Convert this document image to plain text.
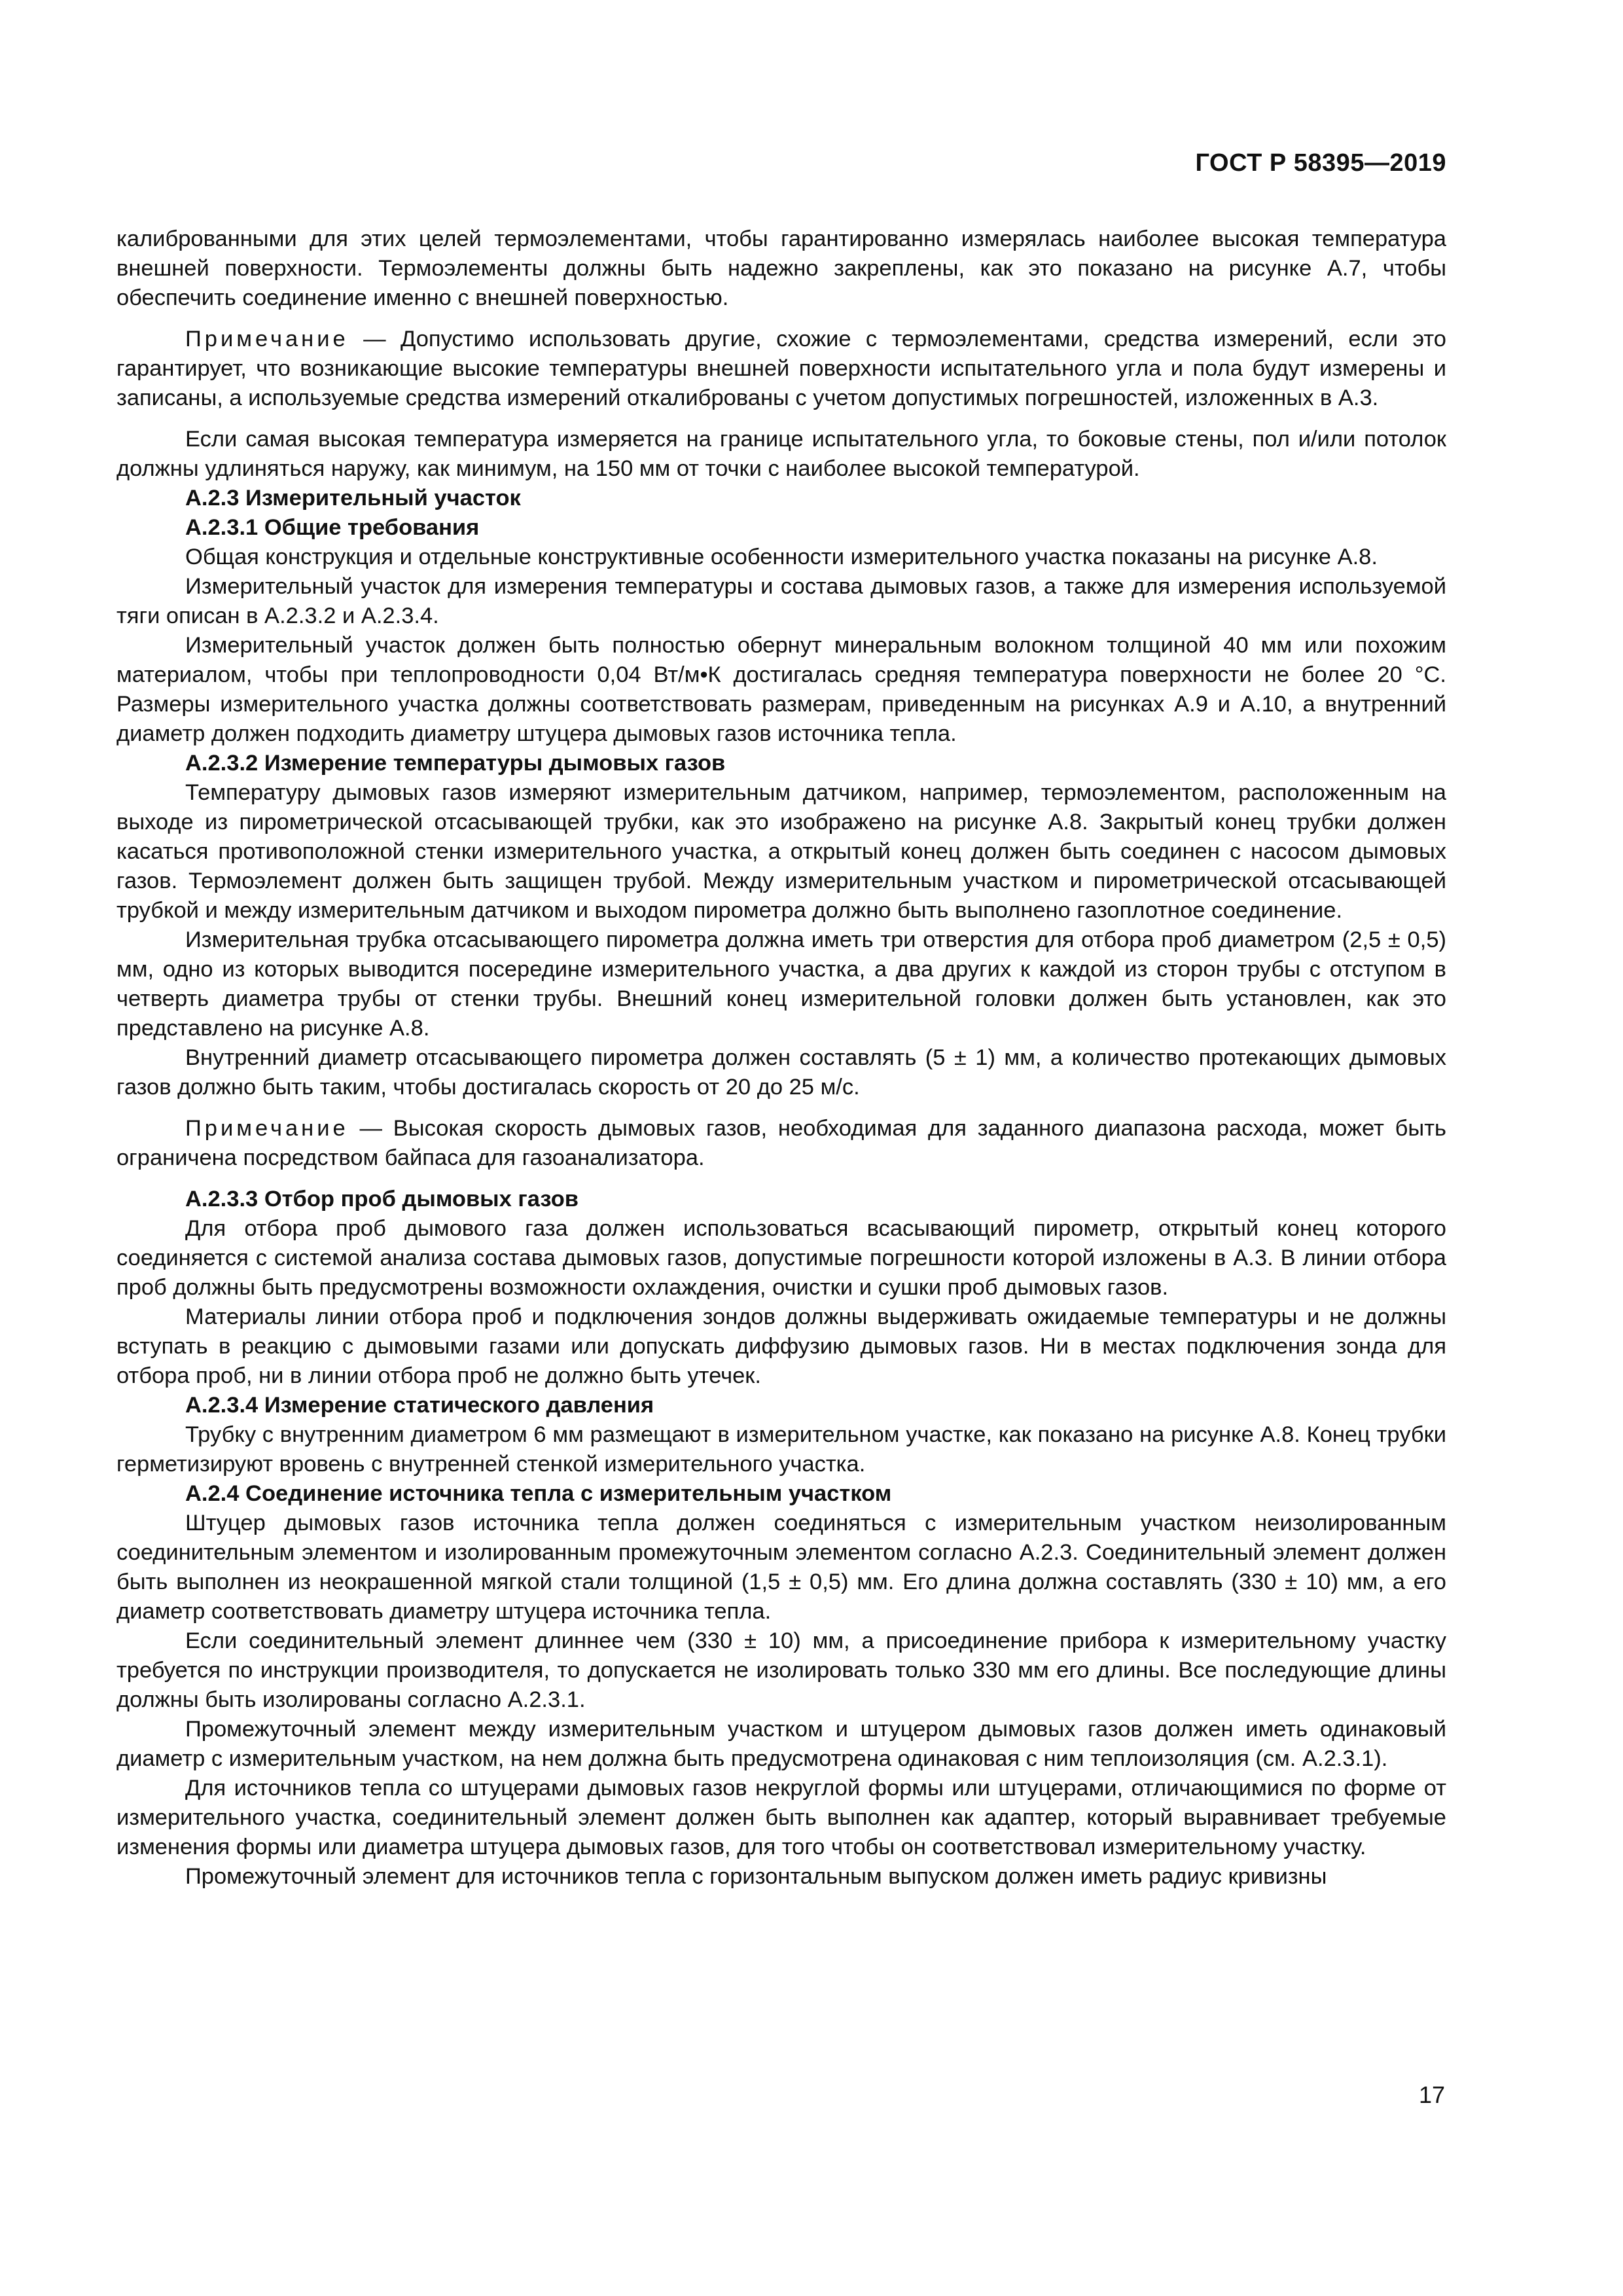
ГОСТ Р 58395—2019

калиброванными для этих целей термоэлементами, чтобы гарантированно измерялась наиболее высокая температура внешней поверхности. Термоэлементы должны быть надежно закреплены, как это показано на рисунке А.7, чтобы обеспечить соединение именно с внешней поверхностью.

Примечание — Допустимо использовать другие, схожие с термоэлементами, средства измерений, если это гарантирует, что возникающие высокие температуры внешней поверхности испытательного угла и пола будут измерены и записаны, а используемые средства измерений откалиброваны с учетом допустимых погрешностей, изложенных в А.3.

Если самая высокая температура измеряется на границе испытательного угла, то боковые стены, пол и/или потолок должны удлиняться наружу, как минимум, на 150 мм от точки с наиболее высокой температурой.

А.2.3 Измерительный участок
А.2.3.1 Общие требования

Общая конструкция и отдельные конструктивные особенности измерительного участка показаны на рисунке А.8.

Измерительный участок для измерения температуры и состава дымовых газов, а также для измерения используемой тяги описан в А.2.3.2 и А.2.3.4.

Измерительный участок должен быть полностью обернут минеральным волокном толщиной 40 мм или похожим материалом, чтобы при теплопроводности 0,04 Вт/м•К достигалась средняя температура поверхности не более 20 °С. Размеры измерительного участка должны соответствовать размерам, приведенным на рисунках А.9 и А.10, а внутренний диаметр должен подходить диаметру штуцера дымовых газов источника тепла.

А.2.3.2 Измерение температуры дымовых газов

Температуру дымовых газов измеряют измерительным датчиком, например, термоэлементом, расположенным на выходе из пирометрической отсасывающей трубки, как это изображено на рисунке А.8. Закрытый конец трубки должен касаться противоположной стенки измерительного участка, а открытый конец должен быть соединен с насосом дымовых газов. Термоэлемент должен быть защищен трубой. Между измерительным участком и пирометрической отсасывающей трубкой и между измерительным датчиком и выходом пирометра должно быть выполнено газоплотное соединение.

Измерительная трубка отсасывающего пирометра должна иметь три отверстия для отбора проб диаметром (2,5 ± 0,5) мм, одно из которых выводится посередине измерительного участка, а два других к каждой из сторон трубы с отступом в четверть диаметра трубы от стенки трубы. Внешний конец измерительной головки должен быть установлен, как это представлено на рисунке А.8.

Внутренний диаметр отсасывающего пирометра должен составлять (5 ± 1) мм, а количество протекающих дымовых газов должно быть таким, чтобы достигалась скорость от 20 до 25 м/с.

Примечание — Высокая скорость дымовых газов, необходимая для заданного диапазона расхода, может быть ограничена посредством байпаса для газоанализатора.

А.2.3.3 Отбор проб дымовых газов

Для отбора проб дымового газа должен использоваться всасывающий пирометр, открытый конец которого соединяется с системой анализа состава дымовых газов, допустимые погрешности которой изложены в А.3. В линии отбора проб должны быть предусмотрены возможности охлаждения, очистки и сушки проб дымовых газов.

Материалы линии отбора проб и подключения зондов должны выдерживать ожидаемые температуры и не должны вступать в реакцию с дымовыми газами или допускать диффузию дымовых газов. Ни в местах подключения зонда для отбора проб, ни в линии отбора проб не должно быть утечек.

А.2.3.4 Измерение статического давления

Трубку с внутренним диаметром 6 мм размещают в измерительном участке, как показано на рисунке А.8. Конец трубки герметизируют вровень с внутренней стенкой измерительного участка.

А.2.4 Соединение источника тепла с измерительным участком

Штуцер дымовых газов источника тепла должен соединяться с измерительным участком неизолированным соединительным элементом и изолированным промежуточным элементом согласно А.2.3. Соединительный элемент должен быть выполнен из неокрашенной мягкой стали толщиной (1,5 ± 0,5) мм. Его длина должна составлять (330 ± 10) мм, а его диаметр соответствовать диаметру штуцера источника тепла.

Если соединительный элемент длиннее чем (330 ± 10) мм, а присоединение прибора к измерительному участку требуется по инструкции производителя, то допускается не изолировать только 330 мм его длины. Все последующие длины должны быть изолированы согласно А.2.3.1.

Промежуточный элемент между измерительным участком и штуцером дымовых газов должен иметь одинаковый диаметр с измерительным участком, на нем должна быть предусмотрена одинаковая с ним теплоизоляция (см. А.2.3.1).

Для источников тепла со штуцерами дымовых газов некруглой формы или штуцерами, отличающимися по форме от измерительного участка, соединительный элемент должен быть выполнен как адаптер, который выравнивает требуемые изменения формы или диаметра штуцера дымовых газов, для того чтобы он соответствовал измерительному участку.

Промежуточный элемент для источников тепла с горизонтальным выпуском должен иметь радиус кривизны

17
